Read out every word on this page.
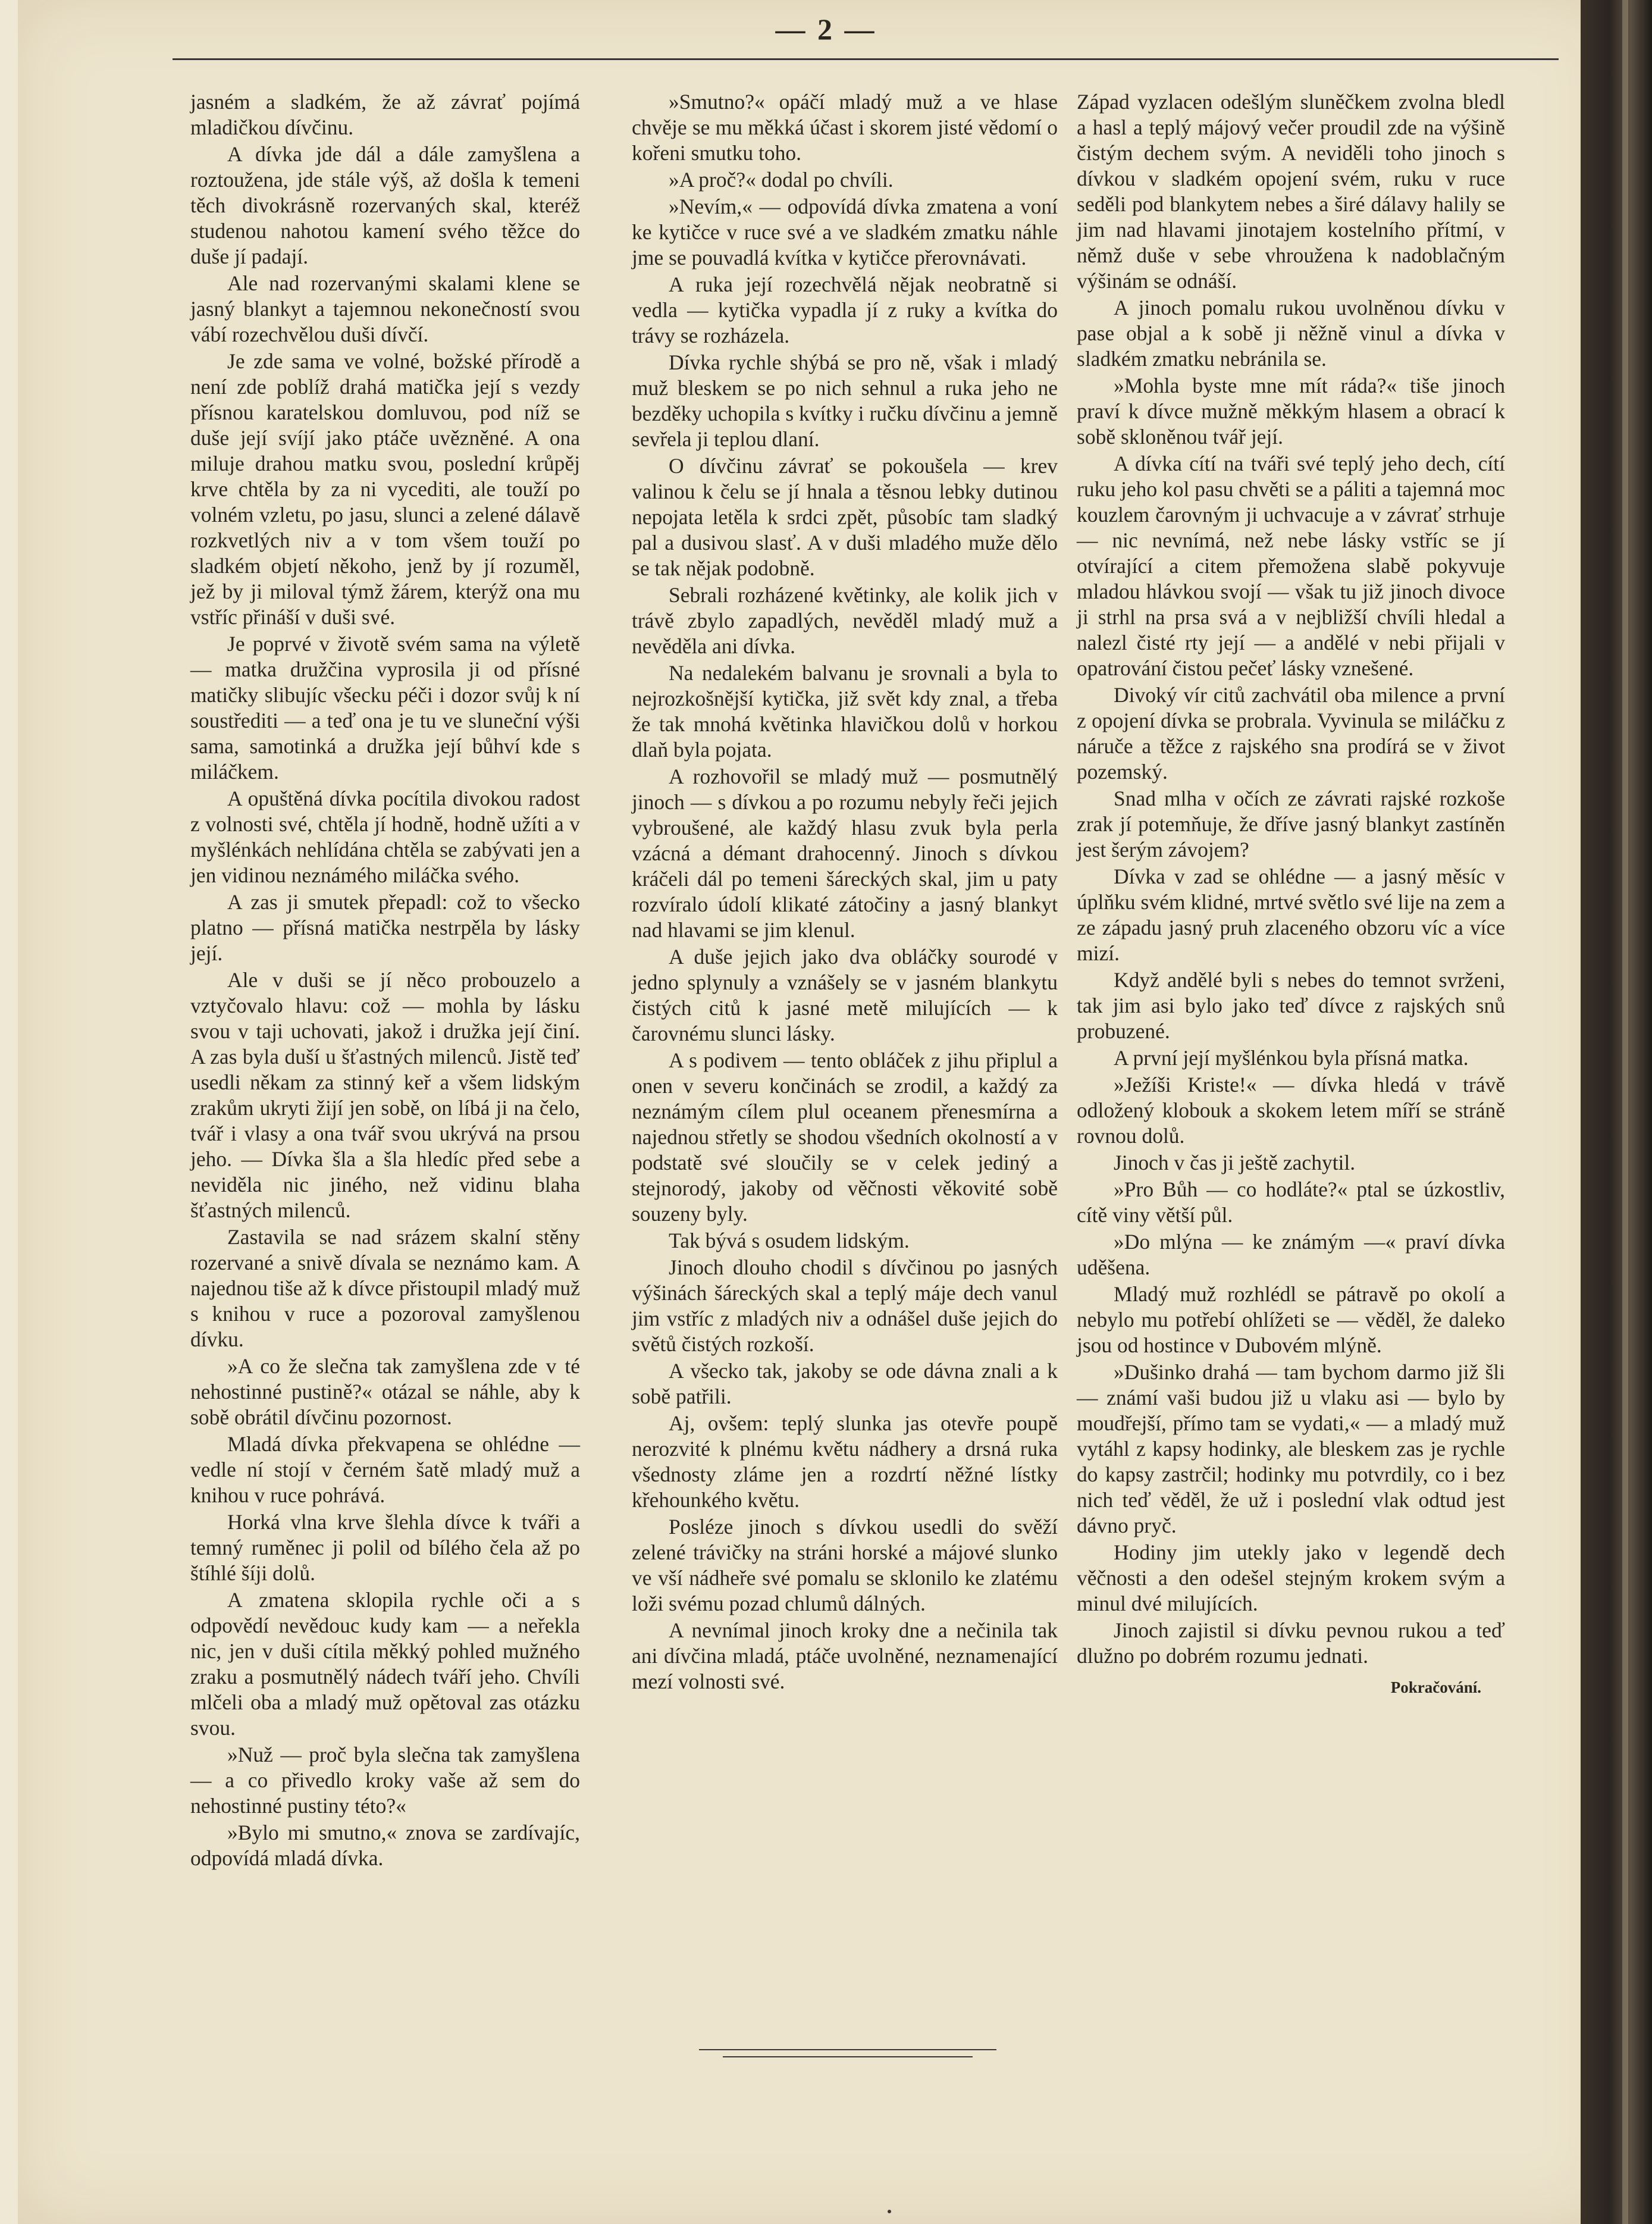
— 2 —

jasném a sladkém, že až závrať pojímá mladičkou dívčinu.

A dívka jde dál a dále zamyšlena a roztoužena, jde stále výš, až došla k temeni těch divokrásně rozervaných skal, kteréž studenou nahotou kamení svého těžce do duše jí padají.

Ale nad rozervanými skalami klene se jasný blankyt a tajemnou nekonečností svou vábí rozechvělou duši dívčí.

Je zde sama ve volné, božské přírodě a není zde poblíž drahá matička její s vezdy přísnou karatelskou domluvou, pod níž se duše její svíjí jako ptáče uvězněné. A ona miluje drahou matku svou, poslední krůpěj krve chtěla by za ni vycediti, ale touží po volném vzletu, po jasu, slunci a zelené dálavě rozkvetlých niv a v tom všem touží po sladkém objetí někoho, jenž by jí rozuměl, jež by ji miloval týmž žárem, kterýž ona mu vstříc přináší v duši své.

Je poprvé v životě svém sama na výletě — matka družčina vyprosila ji od přísné matičky slibujíc všecku péči i dozor svůj k ní soustřediti — a teď ona je tu ve sluneční výši sama, samotinká a družka její bůhví kde s miláčkem.

A opuštěná dívka pocítila divokou radost z volnosti své, chtěla jí hodně, hodně užíti a v myšlénkách nehlídána chtěla se zabývati jen a jen vidinou neznámého miláčka svého.

A zas ji smutek přepadl: což to všecko platno — přísná matička nestrpěla by lásky její.

Ale v duši se jí něco probouzelo a vztyčovalo hlavu: což — mohla by lásku svou v taji uchovati, jakož i družka její činí. A zas byla duší u šťastných milenců. Jistě teď usedli někam za stinný keř a všem lidským zrakům ukryti žijí jen sobě, on líbá ji na čelo, tvář i vlasy a ona tvář svou ukrývá na prsou jeho. — Dívka šla a šla hledíc před sebe a neviděla nic jiného, než vidinu blaha šťastných milenců.

Zastavila se nad srázem skalní stěny rozervané a snivě dívala se neznámo kam. A najednou tiše až k dívce přistoupil mladý muž s knihou v ruce a pozoroval zamyšlenou dívku.

»A co že slečna tak zamyšlena zde v té nehostinné pustině?« otázal se náhle, aby k sobě obrátil dívčinu pozornost.

Mladá dívka překvapena se ohlédne — vedle ní stojí v černém šatě mladý muž a knihou v ruce pohrává.

Horká vlna krve šlehla dívce k tváři a temný ruměnec ji polil od bílého čela až po štíhlé šíji dolů.

A zmatena sklopila rychle oči a s odpovědí nevědouc kudy kam — a neřekla nic, jen v duši cítila měkký pohled mužného zraku a posmutnělý nádech tváří jeho. Chvíli mlčeli oba a mladý muž opětoval zas otázku svou.

»Nuž — proč byla slečna tak zamyšlena — a co přivedlo kroky vaše až sem do nehostinné pustiny této?«

»Bylo mi smutno,« znova se zardívajíc, odpovídá mladá dívka.

»Smutno?« opáčí mladý muž a ve hlase chvěje se mu měkká účast i skorem jisté vědomí o kořeni smutku toho.

»A proč?« dodal po chvíli.

»Nevím,« — odpovídá dívka zmatena a voní ke kytičce v ruce své a ve sladkém zmatku náhle jme se pouvadlá kvítka v kytičce přerovnávati.

A ruka její rozechvělá nějak neobratně si vedla — kytička vypadla jí z ruky a kvítka do trávy se rozházela.

Dívka rychle shýbá se pro ně, však i mladý muž bleskem se po nich sehnul a ruka jeho ne bezděky uchopila s kvítky i ručku dívčinu a jemně sevřela ji teplou dlaní.

O dívčinu závrať se pokoušela — krev valinou k čelu se jí hnala a těsnou lebky dutinou nepojata letěla k srdci zpět, působíc tam sladký pal a dusivou slasť. A v duši mladého muže dělo se tak nějak podobně.

Sebrali rozházené květinky, ale kolik jich v trávě zbylo zapadlých, nevěděl mladý muž a nevěděla ani dívka.

Na nedalekém balvanu je srovnali a byla to nejrozkošnější kytička, již svět kdy znal, a třeba že tak mnohá květinka hlavičkou dolů v horkou dlaň byla pojata.

A rozhovořil se mladý muž — posmutnělý jinoch — s dívkou a po rozumu nebyly řeči jejich vybroušené, ale každý hlasu zvuk byla perla vzácná a démant drahocenný. Jinoch s dívkou kráčeli dál po temeni šáreckých skal, jim u paty rozvíralo údolí klikaté zátočiny a jasný blankyt nad hlavami se jim klenul.

A duše jejich jako dva obláčky sourodé v jedno splynuly a vznášely se v jasném blankytu čistých citů k jasné metě milujících — k čarovnému slunci lásky.

A s podivem — tento obláček z jihu připlul a onen v severu končinách se zrodil, a každý za neznámým cílem plul oceanem přenesmírna a najednou střetly se shodou všedních okolností a v podstatě své sloučily se v celek jediný a stejnorodý, jakoby od věčnosti věkovité sobě souzeny byly.

Tak bývá s osudem lidským.

Jinoch dlouho chodil s dívčinou po jasných výšinách šáreckých skal a teplý máje dech vanul jim vstříc z mladých niv a odnášel duše jejich do světů čistých rozkoší.

A všecko tak, jakoby se ode dávna znali a k sobě patřili.

Aj, ovšem: teplý slunka jas otevře poupě nerozvité k plnému květu nádhery a drsná ruka všednosty zláme jen a rozdrtí něžné lístky křehounkého květu.

Posléze jinoch s dívkou usedli do svěží zelené trávičky na stráni horské a májové slunko ve vší nádheře své pomalu se sklonilo ke zlatému loži svému pozad chlumů dálných.

A nevnímal jinoch kroky dne a nečinila tak ani dívčina mladá, ptáče uvolněné, neznamenající mezí volnosti své.

Západ vyzlacen odešlým sluněčkem zvolna bledl a hasl a teplý májový večer proudil zde na výšině čistým dechem svým. A neviděli toho jinoch s dívkou v sladkém opojení svém, ruku v ruce seděli pod blankytem nebes a širé dálavy halily se jim nad hlavami jinotajem kostelního přítmí, v němž duše v sebe vhroužena k nadoblačným výšinám se odnáší.

A jinoch pomalu rukou uvolněnou dívku v pase objal a k sobě ji něžně vinul a dívka v sladkém zmatku nebránila se.

»Mohla byste mne mít ráda?« tiše jinoch praví k dívce mužně měkkým hlasem a obrací k sobě skloněnou tvář její.

A dívka cítí na tváři své teplý jeho dech, cítí ruku jeho kol pasu chvěti se a páliti a tajemná moc kouzlem čarovným ji uchvacuje a v závrať strhuje — nic nevnímá, než nebe lásky vstříc se jí otvírající a citem přemožena slabě pokyvuje mladou hlávkou svojí — však tu již jinoch divoce ji strhl na prsa svá a v nejbližší chvíli hledal a nalezl čisté rty její — a andělé v nebi přijali v opatrování čistou pečeť lásky vznešené.

Divoký vír citů zachvátil oba milence a první z opojení dívka se probrala. Vyvinula se miláčku z náruče a těžce z rajského sna prodírá se v život pozemský.

Snad mlha v očích ze závrati rajské rozkoše zrak jí potemňuje, že dříve jasný blankyt zastíněn jest šerým závojem?

Dívka v zad se ohlédne — a jasný měsíc v úplňku svém klidné, mrtvé světlo své lije na zem a ze západu jasný pruh zlaceného obzoru víc a více mizí.

Když andělé byli s nebes do temnot svrženi, tak jim asi bylo jako teď dívce z rajských snů probuzené.

A první její myšlénkou byla přísná matka.

»Ježíši Kriste!« — dívka hledá v trávě odložený klobouk a skokem letem míří se stráně rovnou dolů.

Jinoch v čas ji ještě zachytil.

»Pro Bůh — co hodláte?« ptal se úzkostliv, cítě viny větší půl.

»Do mlýna — ke známým —« praví dívka uděšena.

Mladý muž rozhlédl se pátravě po okolí a nebylo mu potřebí ohlížeti se — věděl, že daleko jsou od hostince v Dubovém mlýně.

»Dušinko drahá — tam bychom darmo již šli — známí vaši budou již u vlaku asi — bylo by moudřejší, přímo tam se vydati,« — a mladý muž vytáhl z kapsy hodinky, ale bleskem zas je rychle do kapsy zastrčil; hodinky mu potvrdily, co i bez nich teď věděl, že už i poslední vlak odtud jest dávno pryč.

Hodiny jim utekly jako v legendě dech věčnosti a den odešel stejným krokem svým a minul dvé milujících.

Jinoch zajistil si dívku pevnou rukou a teď dlužno po dobrém rozumu jednati.

Pokračování.
